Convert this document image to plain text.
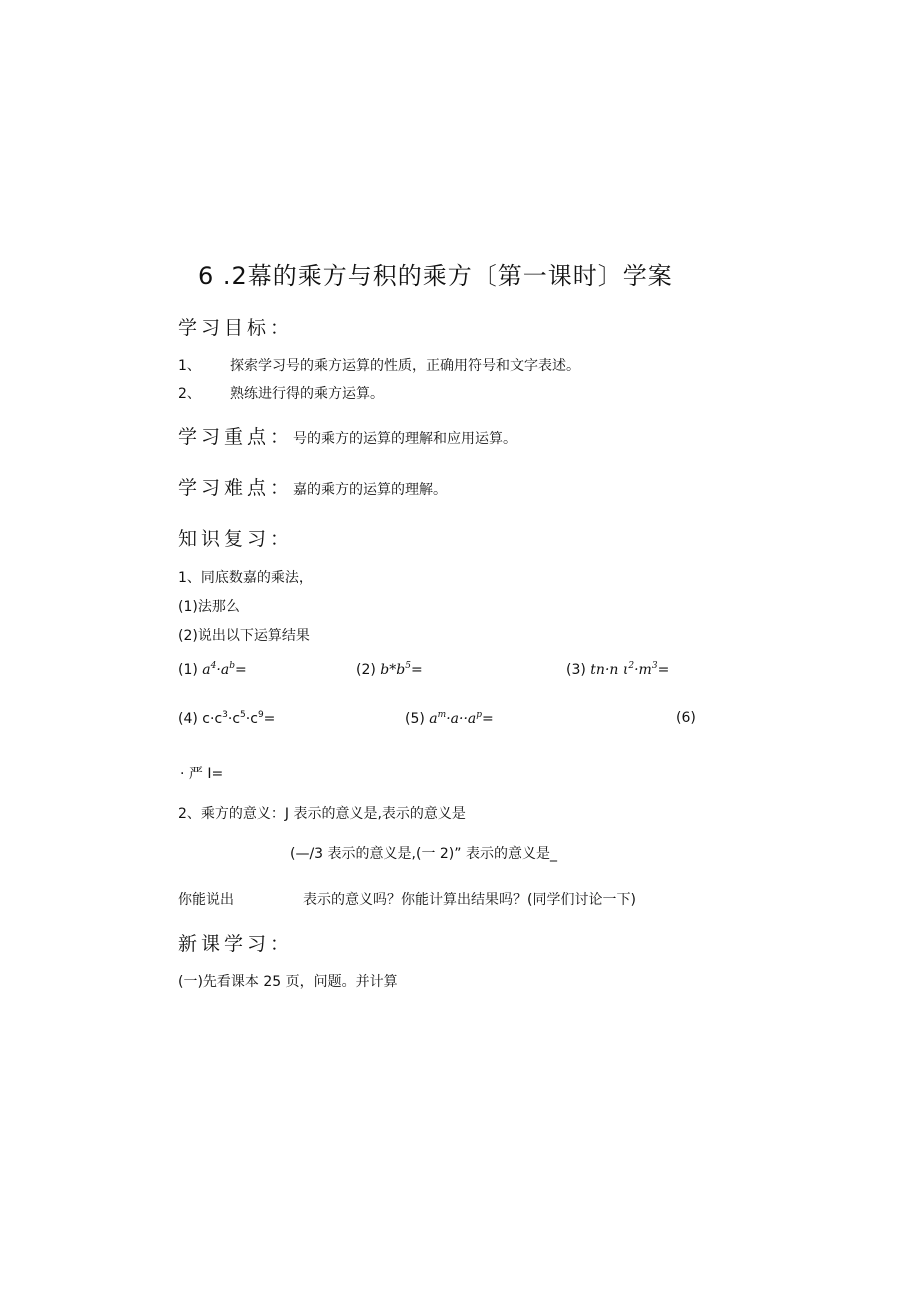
6 .2幕的乘方与积的乘方〔第一课时〕学案
学习目标：
1、 探索学习号的乘方运算的性质，正确用符号和文字表述。
2、 熟练进行得的乘方运算。
学习重点：号的乘方的运算的理解和应用运算。
学习难点：嘉的乘方的运算的理解。
知识复习：
1、同底数嘉的乘法，
(1)法那么
(2)说出以下运算结果
(1) $a^4\cdot a^b=$	(2) $b*b^5=$	(3) tn·n $\iota^2\cdot m^3=$
(4) $c\cdot c^3\cdot c^5\cdot c^9=$	(5) $a^m\cdot a\cdot\cdot a^p=$	(6)
· 严 I=
2、乘方的意义：J 表示的意义是,表示的意义是
(—/3 表示的意义是,(一 2)” 表示的意义是_
你能说出	表示的意义吗？你能计算出结果吗？(同学们讨论一下)
新课学习：
(一)先看课本 25 页，问题。并计算
